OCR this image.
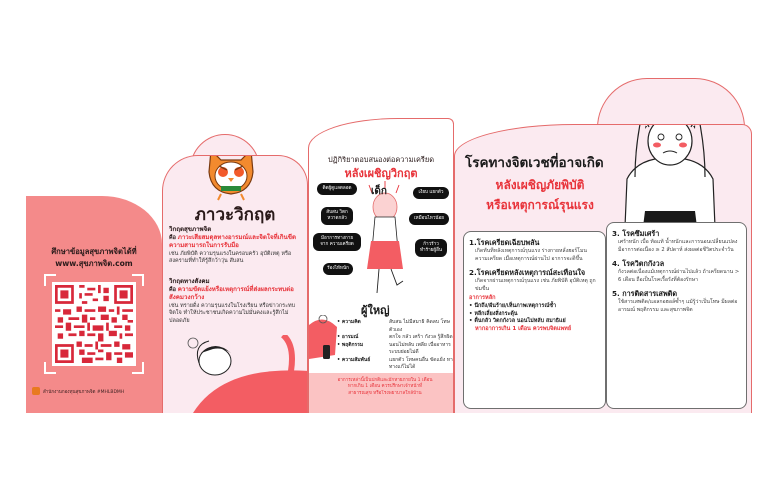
ศึกษาข้อมูลสุขภาพจิตได้ที่
www.สุขภาพจิต.com
สำนักงานกองทุนสุขภาพจิต #MHLBDMH
ภาวะวิกฤต
วิกฤตสุขภาพจิต
คือ ภาวะเสียสมดุลทางอารมณ์และจิตใจที่เกินขีดความสามารถในการรับมือ
เช่น ภัยพิบัติ ความรุนแรงในครอบครัว อุบัติเหตุ หรือสงครามที่ทำให้รู้สึกว้าวุ่น สับสน
วิกฤตทางสังคม
คือ ความขัดแย้งหรือเหตุการณ์ที่ส่งผลกระทบต่อสังคมวงกว้าง
เช่น ทรายดิ่ง ความรุนแรงในโรงเรียน หรือข่าวกระทบจิตใจ ทำให้ประชาชนเกิดความไม่มั่นคงและรู้สึกไม่ปลอดภัย
ปฏิกิริยาตอบสนองต่อความเครียด
หลังเผชิญวิกฤต
เด็ก
ติดผู้ดูแลตลอด
สับสน วิตก หวาดกลัว
มีอาการทางกายจาก ความเครียด
ร้องไห้หนัก
เงียบ แยกตัว
เหมือนไหวน้อย
ก้าวร้าว ทำร้ายผู้อื่น
ผู้ใหญ่
• ความคิด	สับสน ไม่มีสมาธิ คิดลบ โทษตัวเอง
• อารมณ์	ตกใจ กลัว เศร้า กังวล รู้สึกผิด
• พฤติกรรม	นอนไม่หลับ เพลีย เบื่ออาหาร ระบบย่อยไม่ดี
• ความสัมพันธ์	แยกตัว โทษคนอื่น ขัดแย้ง หาทางแก้ไม่ได้
อาการเหล่านี้เป็นปกติและมักหายภายใน 1 เดือน หากเกิน 1 เดือน ควรปรึกษาเจ้าหน้าที่สาธารณสุข หรือโรงพยาบาลใกล้บ้าน
โรคทางจิตเวชที่อาจเกิด
หลังเผชิญภัยพิบัติ
หรือเหตุการณ์รุนแรง
1.โรคเครียดเฉียบพลัน
เกิดทันทีหลังเหตุการณ์รุนแรง ร่างกายหลั่งฮอร์โมนความเครียด เมื่อเหตุการณ์ผ่านไป อาการจะดีขึ้น
2.โรคเครียดหลังเหตุการณ์สะเทือนใจ
เกิดจากผ่านเหตุการณ์รุนแรง เช่น ภัยพิบัติ อุบัติเหตุ ถูกข่มขืน
อาการหลัก
• นึกถึง/ฝันร้าย/เห็นภาพเหตุการณ์ซ้ำ
• หลีกเลี่ยงสิ่งกระตุ้น
• ตื่นกลัว วิตกกังวล นอนไม่หลับ สมาธิแย่
หากอาการเกิน 1 เดือน ควรพบจิตแพทย์
3. โรคซึมเศร้า
เศร้าหนัก เบื่อ ท้อแท้ น้ำหนักและการนอนเปลี่ยนแปลง มีอาการต่อเนื่อง ≥ 2 สัปดาห์ ส่งผลต่อชีวิตประจำวัน
4. โรควิตกกังวล
กังวลต่อเนื่องแม้เหตุการณ์ผ่านไปแล้ว ถ้าเครียดนาน > 6 เดือน ถือเป็นโรคเรื้อรังที่ต้องรักษา
5. การติดสารเสพติด
ใช้สารเสพติด/แอลกอฮอล์ซ้ำๆ แม้รู้ว่าเป็นโทษ มีผลต่ออารมณ์ พฤติกรรม และสุขภาพจิต
